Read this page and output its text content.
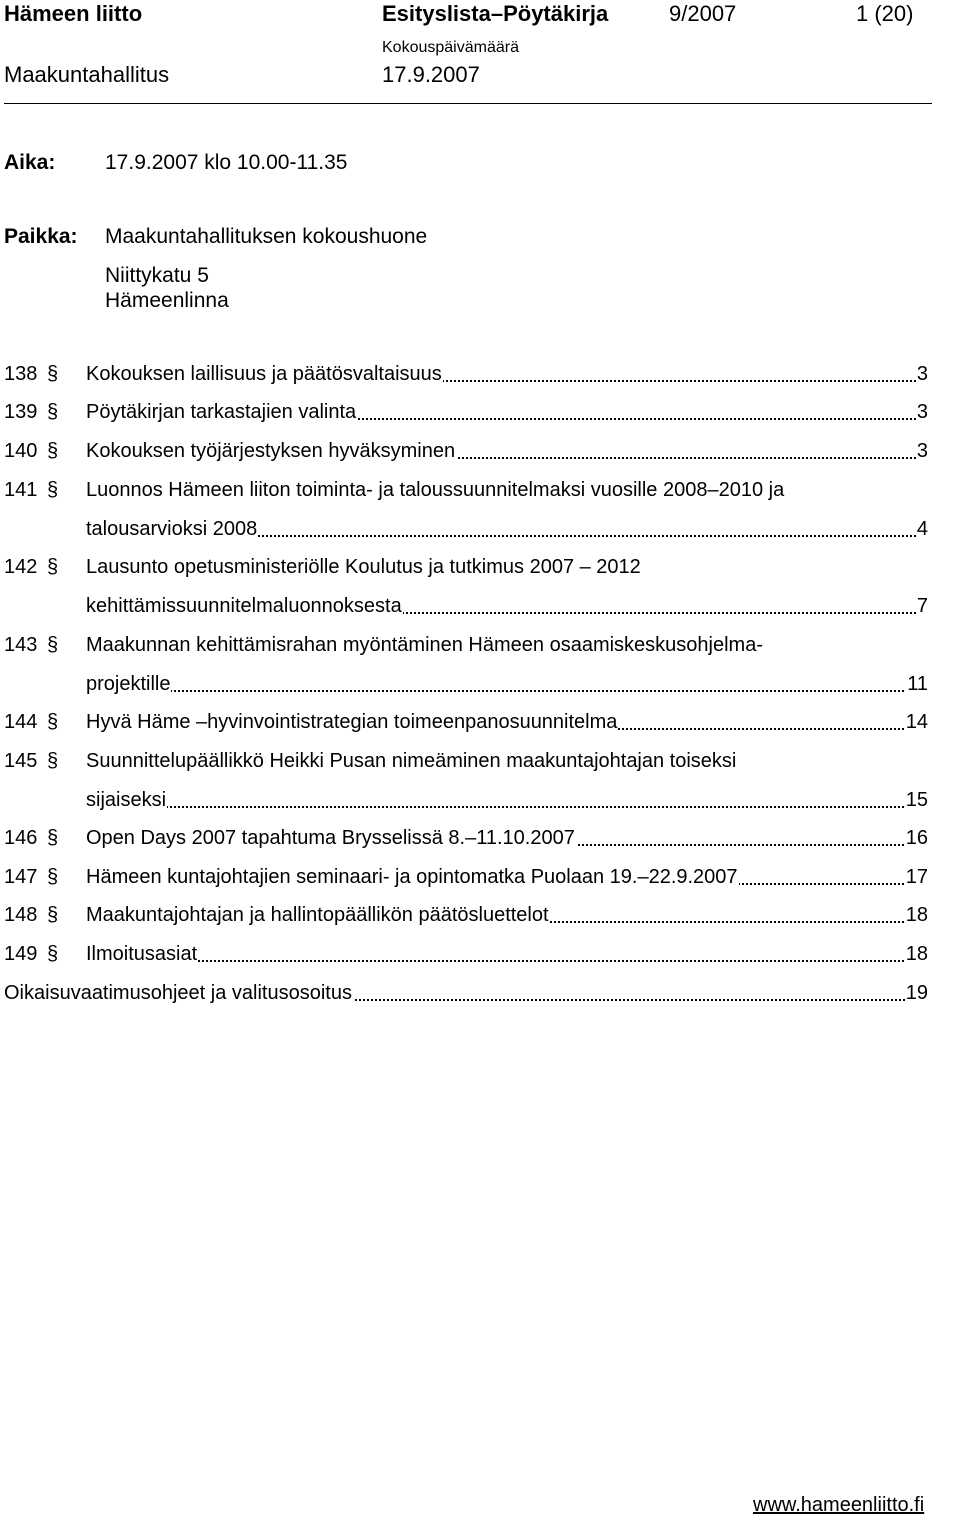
Hämeen liitto	Esityslista–Pöytäkirja	9/2007	1 (20)
Kokouspäivämäärä
Maakuntahallitus	17.9.2007
Aika: 17.9.2007 klo 10.00-11.35
Paikka: Maakuntahallituksen kokoushuone
Niittykatu 5
Hämeenlinna
138 § Kokouksen laillisuus ja päätösvaltaisuus	3
139 § Pöytäkirjan tarkastajien valinta	3
140 § Kokouksen työjärjestyksen hyväksyminen	3
141 § Luonnos Hämeen liiton toiminta- ja taloussuunnitelmaksi vuosille 2008–2010 ja
talousarvioksi 2008	4
142 § Lausunto opetusministeriölle Koulutus ja tutkimus 2007 – 2012
kehittämissuunnitelmaluonnoksesta	7
143 § Maakunnan kehittämisrahan myöntäminen Hämeen osaamiskeskusohjelma-
projektille	11
144 § Hyvä Häme –hyvinvointistrategian toimeenpanosuunnitelma	14
145 § Suunnittelupäällikkö Heikki Pusan nimeäminen maakuntajohtajan toiseksi
sijaiseksi	15
146 § Open Days 2007 tapahtuma Brysselissä 8.–11.10.2007	16
147 § Hämeen kuntajohtajien seminaari- ja opintomatka Puolaan 19.–22.9.2007	17
148 § Maakuntajohtajan ja hallintopäällikön päätösluettelot	18
149 § Ilmoitusasiat	18
Oikaisuvaatimusohjeet ja valitusosoitus	19
www.hameenliitto.fi
